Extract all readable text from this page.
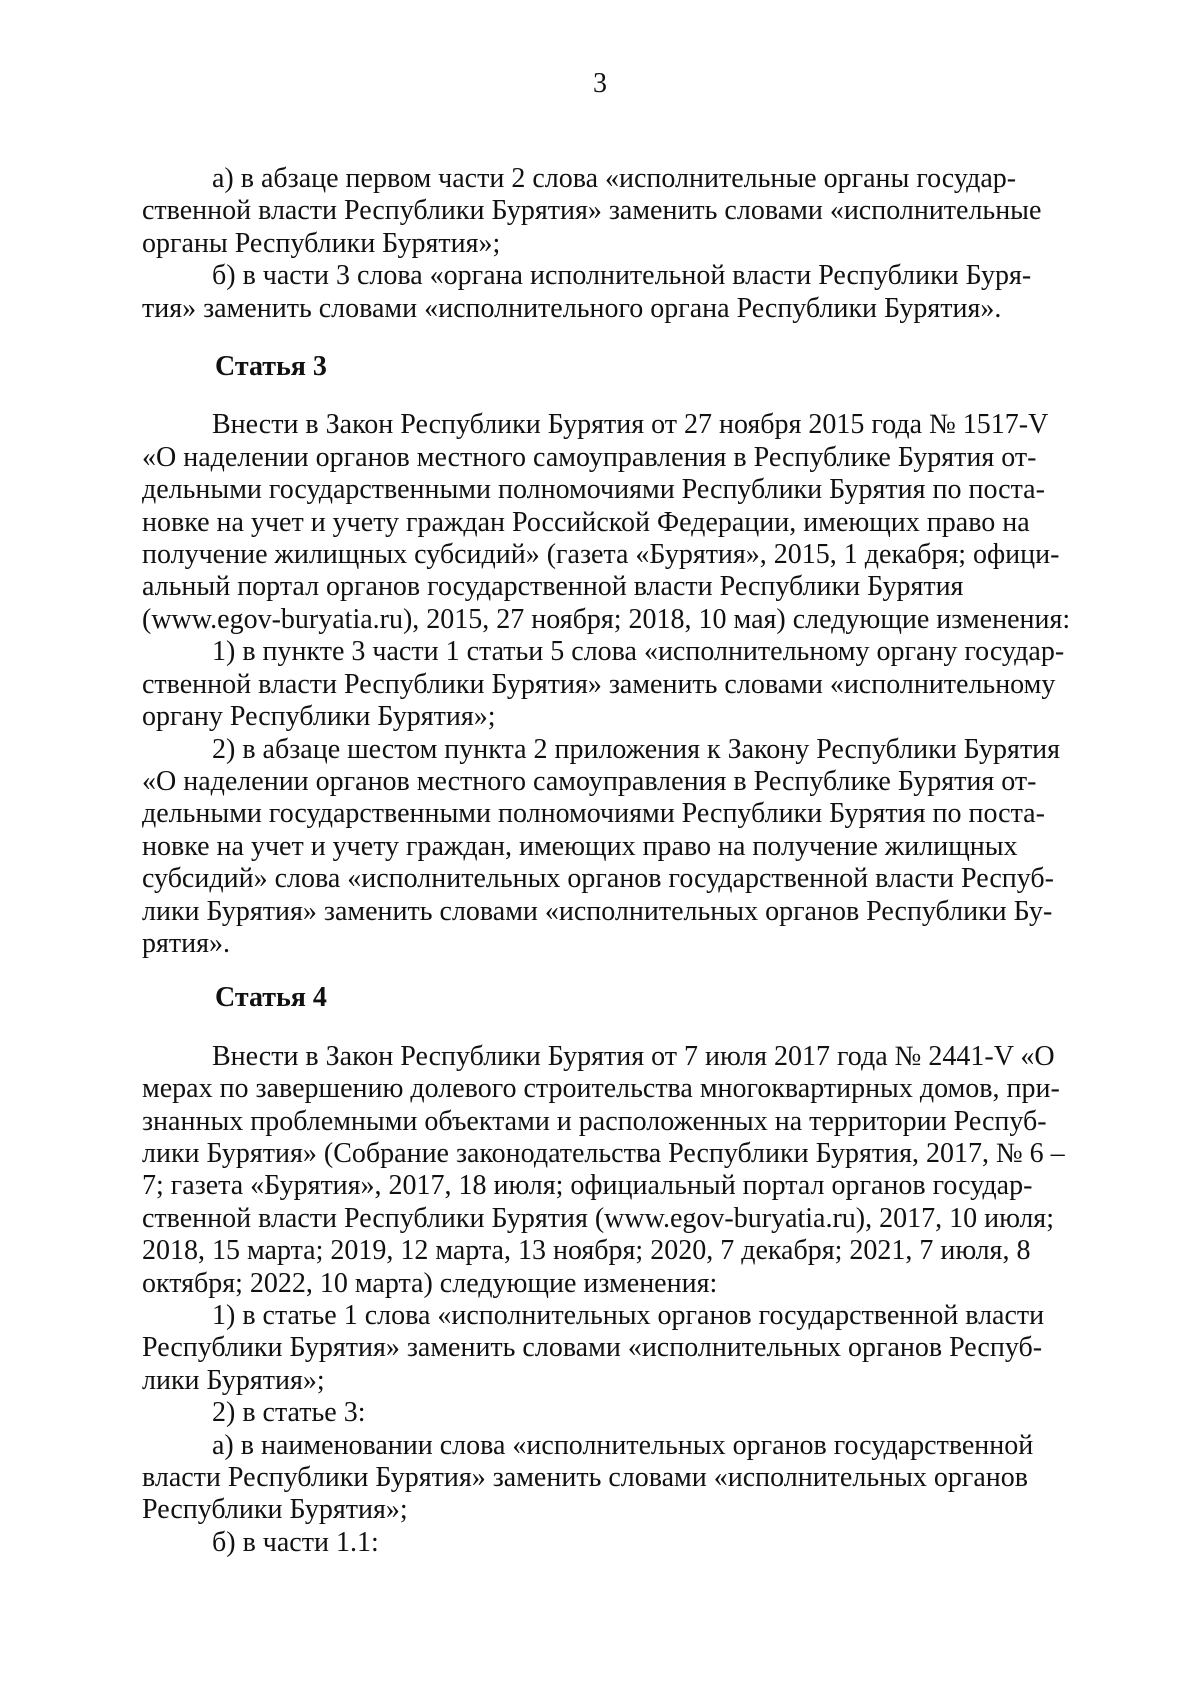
3

а) в абзаце первом части 2 слова «исполнительные органы государ-
ственной власти Республики Бурятия» заменить словами «исполнительные
органы Республики Бурятия»;

б) в части 3 слова «органа исполнительной власти Республики Буря-
тия» заменить словами «исполнительного органа Республики Бурятия».

Статья 3

Внести в Закон Республики Бурятия от 27 ноября 2015 года № 1517-V
«О наделении органов местного самоуправления в Республике Бурятия от-
дельными государственными полномочиями Республики Бурятия по поста-
новке на учет и учету граждан Российской Федерации, имеющих право на
получение жилищных субсидий» (газета «Бурятия», 2015, 1 декабря; офици-
альный портал органов государственной власти Республики Бурятия
(www.egov-buryatia.ru), 2015, 27 ноября; 2018, 10 мая) следующие изменения:

1) в пункте 3 части 1 статьи 5 слова «исполнительному органу государ-
ственной власти Республики Бурятия» заменить словами «исполнительному
органу Республики Бурятия»;

2) в абзаце шестом пункта 2 приложения к Закону Республики Бурятия
«О наделении органов местного самоуправления в Республике Бурятия от-
дельными государственными полномочиями Республики Бурятия по поста-
новке на учет и учету граждан, имеющих право на получение жилищных
субсидий» слова «исполнительных органов государственной власти Респуб-
лики Бурятия» заменить словами «исполнительных органов Республики Бу-
рятия».

Статья 4

Внести в Закон Республики Бурятия от 7 июля 2017 года № 2441-V «О
мерах по завершению долевого строительства многоквартирных домов, при-
знанных проблемными объектами и расположенных на территории Респуб-
лики Бурятия» (Собрание законодательства Республики Бурятия, 2017, № 6 –
7; газета «Бурятия», 2017, 18 июля; официальный портал органов государ-
ственной власти Республики Бурятия (www.egov-buryatia.ru), 2017, 10 июля;
2018, 15 марта; 2019, 12 марта, 13 ноября; 2020, 7 декабря; 2021, 7 июля, 8
октября; 2022, 10 марта) следующие изменения:

1) в статье 1 слова «исполнительных органов государственной власти
Республики Бурятия» заменить словами «исполнительных органов Респуб-
лики Бурятия»;

2) в статье 3:

а) в наименовании слова «исполнительных органов государственной
власти Республики Бурятия» заменить словами «исполнительных органов
Республики Бурятия»;

б) в части 1.1:
